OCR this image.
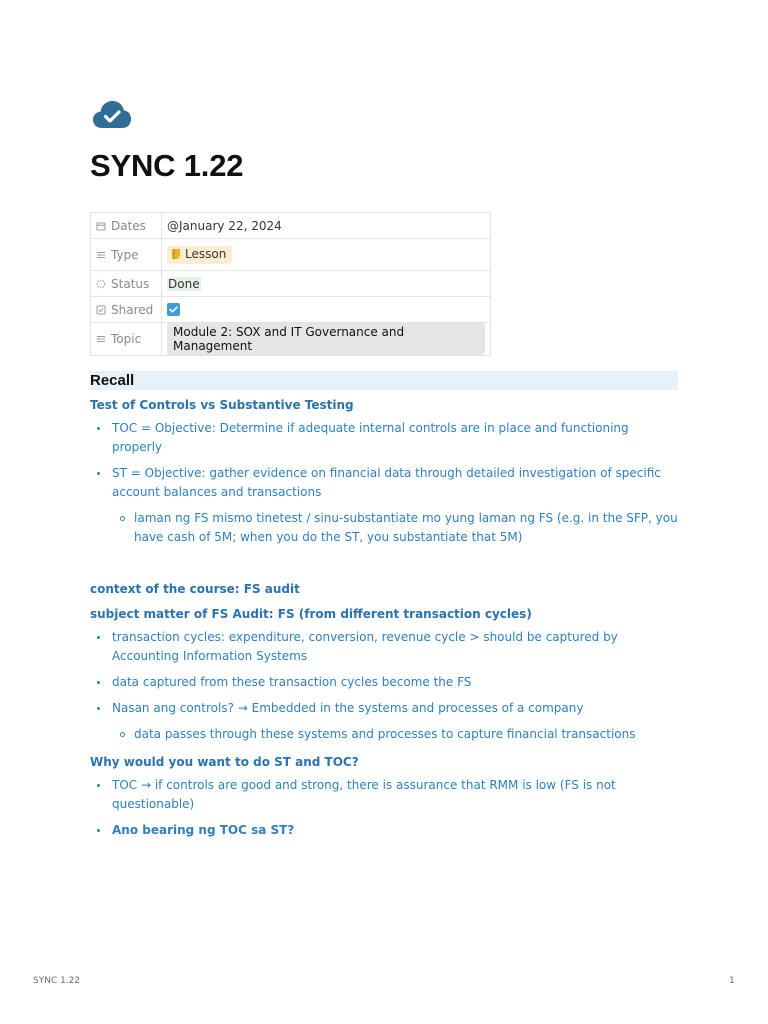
SYNC 1.22
Dates	@January 22, 2024

Type	Lesson

Status	Done

Shared	

Topic	Module 2: SOX and IT Governance and Management
Recall

Test of Controls vs Substantive Testing

TOC = Objective: Determine if adequate internal controls are in place and functioning properly
ST = Objective: gather evidence on financial data through detailed investigation of specific account balances and transactions
laman ng FS mismo tinetest / sinu-substantiate mo yung laman ng FS (e.g. in the SFP, you have cash of 5M; when you do the ST, you substantiate that 5M)

context of the course: FS audit

subject matter of FS Audit: FS (from different transaction cycles)

transaction cycles: expenditure, conversion, revenue cycle > should be captured by Accounting Information Systems
data captured from these transaction cycles become the FS
Nasan ang controls? → Embedded in the systems and processes of a company
data passes through these systems and processes to capture financial transactions

Why would you want to do ST and TOC?

TOC → if controls are good and strong, there is assurance that RMM is low (FS is not questionable)
Ano bearing ng TOC sa ST?
SYNC 1.22	1
